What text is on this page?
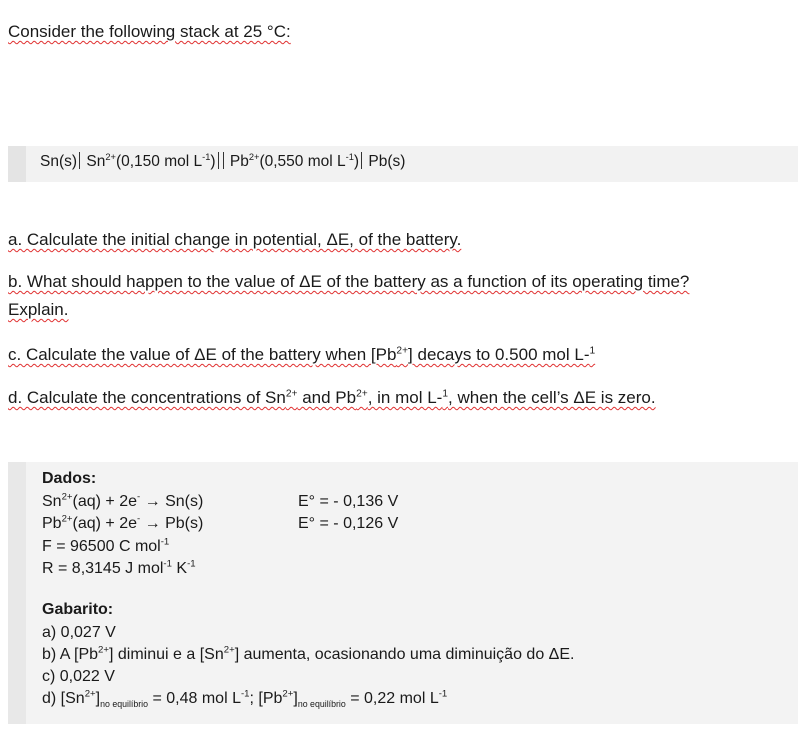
Consider the following stack at 25 °C:
Sn(s) $Sn^{2+}(0,150$ mol $L^{-1}$) $Pb^{2+}(0,550$ mol $L^{-1}$) Pb(s)
a. Calculate the initial change in potential, ΔE, of the battery.
b. What should happen to the value of ΔE of the battery as a function of its operating time?
Explain.
c. Calculate the value of ΔE of the battery when $[Pb^{2+}]$ decays to 0.500 mol L-$^1$
d. Calculate the concentrations of $Sn^{2+}$ and $Pb^{2+}$, in mol L-$^1$, when the cell’s ΔE is zero.
Dados:
$Sn^{2+}(aq) + 2e^- \to Sn(s)$	E° = - 0,136 V
$Pb^{2+}(aq) + 2e^- \to Pb(s)$	E° = - 0,126 V
F = 96500 C mol$^{-1}$
R = 8,3145 J mol$^{-1}$ $K^{-1}$
Gabarito:
a) 0,027 V
b) A $[Pb^{2+}]$ diminui e a $[Sn^{2+}]$ aumenta, ocasionando uma diminuição do ΔE.
c) 0,022 V
d) $[Sn^{2+}]_{no equilíbrio} = 0,48$ mol $L^{-1}$; $[Pb^{2+}]_{no equilíbrio} = 0,22$ mol $L^{-1}$
